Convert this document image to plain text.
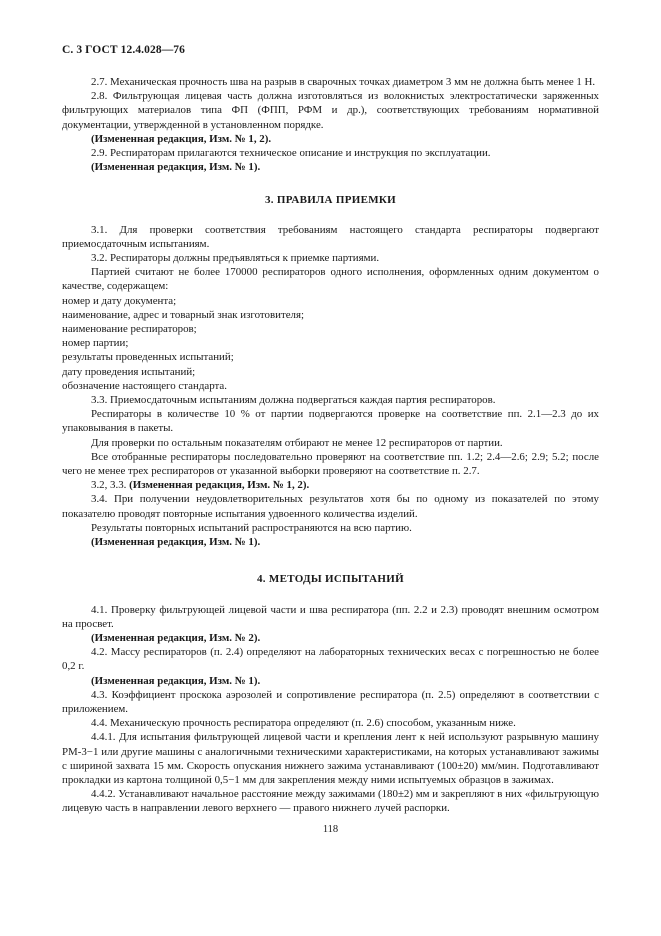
С. 3 ГОСТ 12.4.028—76

2.7. Механическая прочность шва на разрыв в сварочных точках диаметром 3 мм не должна быть менее 1 Н.

2.8. Фильтрующая лицевая часть должна изготовляться из волокнистых электростатически заряженных фильтрующих материалов типа ФП (ФПП, РФМ и др.), соответствующих требованиям нормативной документации, утвержденной в установленном порядке.

(Измененная редакция, Изм. № 1, 2).

2.9. Респираторам прилагаются техническое описание и инструкция по эксплуатации.

(Измененная редакция, Изм. № 1).

3. ПРАВИЛА ПРИЕМКИ

3.1. Для проверки соответствия требованиям настоящего стандарта респираторы подвергают приемосдаточным испытаниям.

3.2. Респираторы должны предъявляться к приемке партиями.

Партией считают не более 170000 респираторов одного исполнения, оформленных одним документом о качестве, содержащем:

номер и дату документа;

наименование, адрес и товарный знак изготовителя;

наименование респираторов;

номер партии;

результаты проведенных испытаний;

дату проведения испытаний;

обозначение настоящего стандарта.

3.3. Приемосдаточным испытаниям должна подвергаться каждая партия респираторов.

Респираторы в количестве 10 % от партии подвергаются проверке на соответствие пп. 2.1—2.3 до их упаковывания в пакеты.

Для проверки по остальным показателям отбирают не менее 12 респираторов от партии.

Все отобранные респираторы последовательно проверяют на соответствие пп. 1.2; 2.4—2.6; 2.9; 5.2; после чего не менее трех респираторов от указанной выборки проверяют на соответствие п. 2.7.

3.2, 3.3. (Измененная редакция, Изм. № 1, 2).

3.4. При получении неудовлетворительных результатов хотя бы по одному из показателей по этому показателю проводят повторные испытания удвоенного количества изделий.

Результаты повторных испытаний распространяются на всю партию.

(Измененная редакция, Изм. № 1).

4. МЕТОДЫ ИСПЫТАНИЙ

4.1. Проверку фильтрующей лицевой части и шва респиратора (пп. 2.2 и 2.3) проводят внешним осмотром на просвет.

(Измененная редакция, Изм. № 2).

4.2. Массу респираторов (п. 2.4) определяют на лабораторных технических весах с погрешностью не более 0,2 г.

(Измененная редакция, Изм. № 1).

4.3. Коэффициент проскока аэрозолей и сопротивление респиратора (п. 2.5) определяют в соответствии с приложением.

4.4. Механическую прочность респиратора определяют (п. 2.6) способом, указанным ниже.

4.4.1. Для испытания фильтрующей лицевой части и крепления лент к ней используют разрывную машину РМ-3−1 или другие машины с аналогичными техническими характеристиками, на которых устанавливают зажимы с шириной захвата 15 мм. Скорость опускания нижнего зажима устанавливают (100±20) мм/мин. Подготавливают прокладки из картона толщиной 0,5−1 мм для закрепления между ними испытуемых образцов в зажимах.

4.4.2. Устанавливают начальное расстояние между зажимами (180±2) мм и закрепляют в них «фильтрующую лицевую часть в направлении левого верхнего — правого нижнего лучей распорки.

118
